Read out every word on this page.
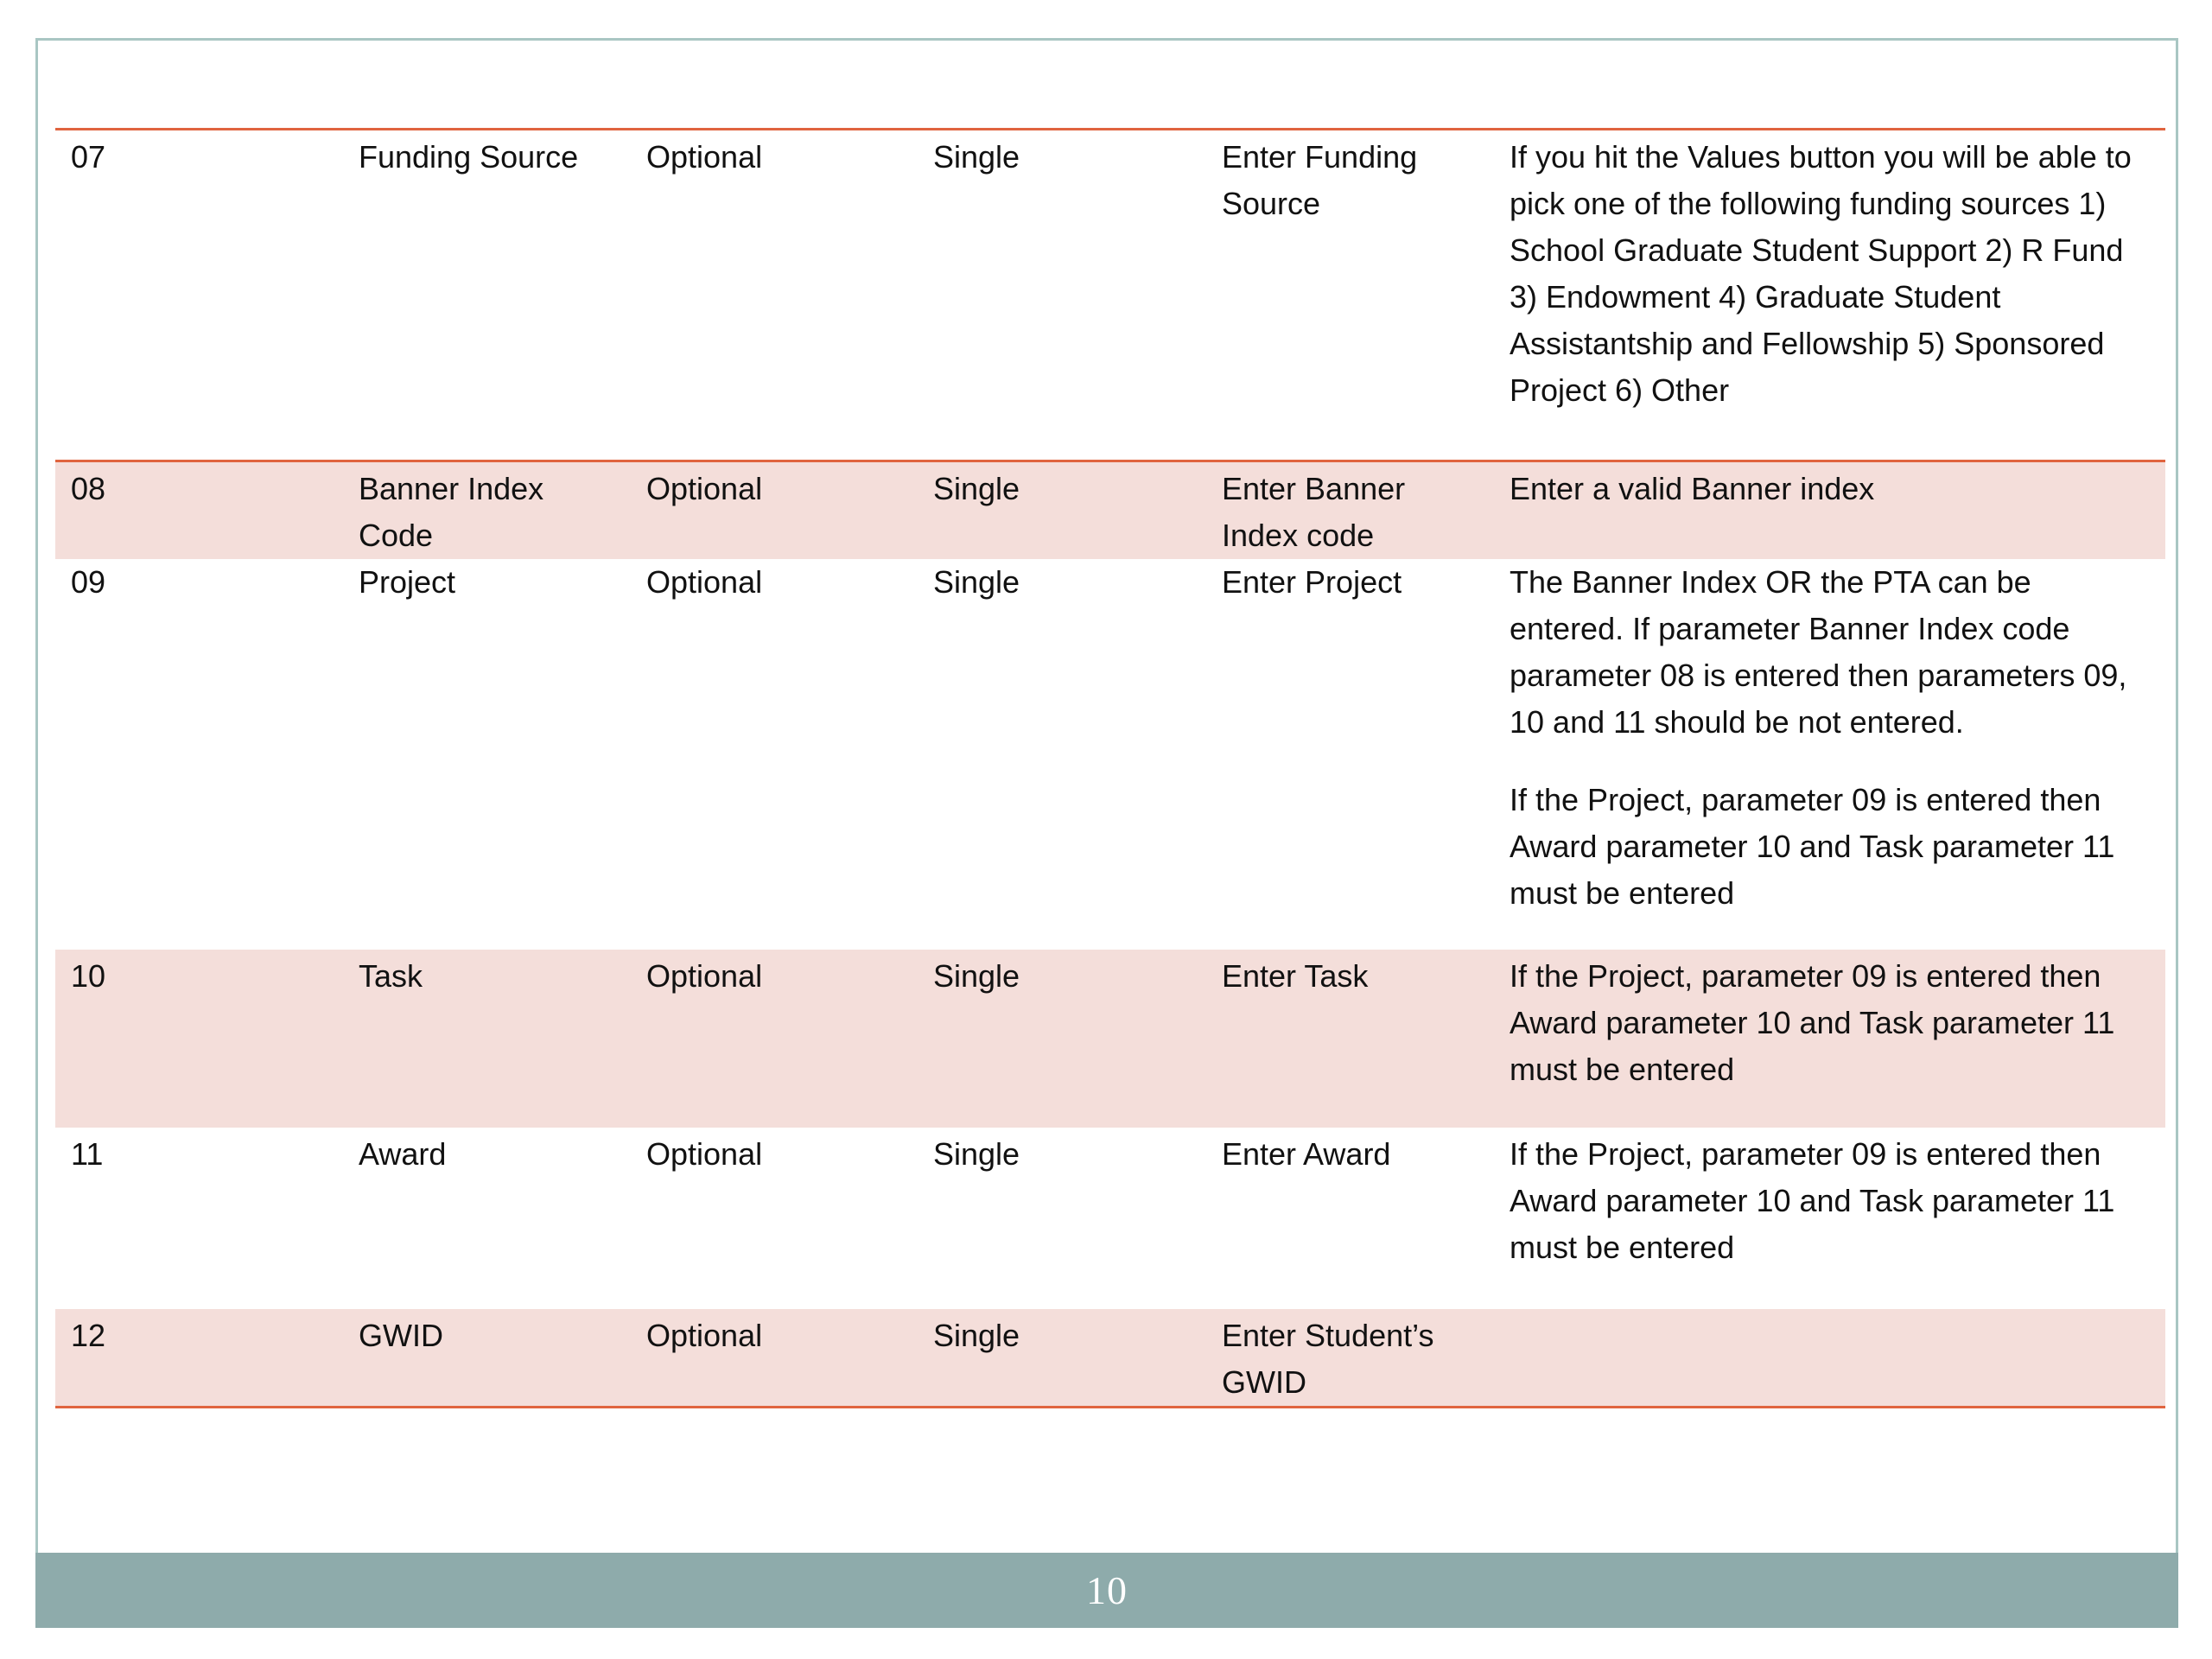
07	Funding Source	Optional	Single	Enter Funding Source	If you hit the Values button you will be able to pick one of the following funding sources 1) School Graduate Student Support 2) R Fund 3) Endowment 4) Graduate Student Assistantship and Fellowship 5) Sponsored Project 6) Other

08	Banner Index Code	Optional	Single	Enter Banner Index code	Enter a valid Banner index

09	Project	Optional	Single	Enter Project	The Banner Index OR the PTA can be entered. If parameter Banner Index code parameter 08 is entered then parameters 09, 10 and 11 should be not entered.

If the Project, parameter 09 is entered then Award parameter 10 and Task parameter 11 must be entered

10	Task	Optional	Single	Enter Task	If the Project, parameter 09 is entered then Award parameter 10 and Task parameter 11 must be entered

11	Award	Optional	Single	Enter Award	If the Project, parameter 09 is entered then Award parameter 10 and Task parameter 11 must be entered

12	GWID	Optional	Single	Enter Student’s GWID	
10
